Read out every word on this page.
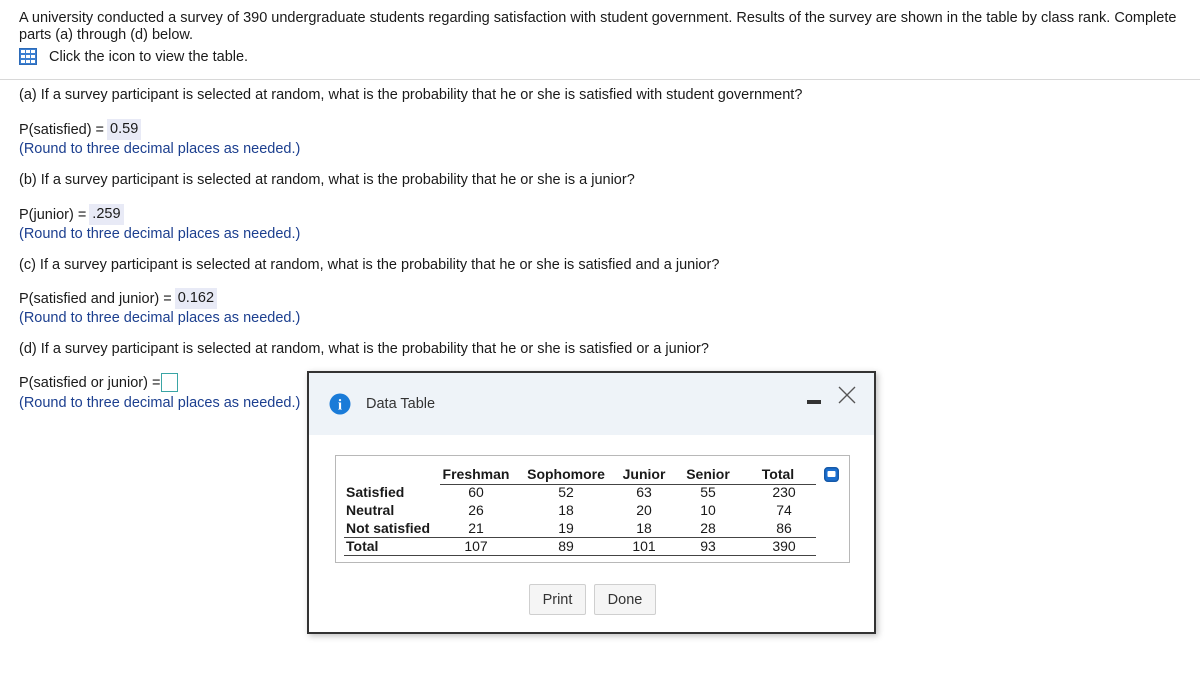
A university conducted a survey of 390 undergraduate students regarding satisfaction with student government. Results of the survey are shown in the table by class rank. Complete parts (a) through (d) below.
Click the icon to view the table.
(a) If a survey participant is selected at random, what is the probability that he or she is satisfied with student government?
P(satisfied) = 0.59
(Round to three decimal places as needed.)
(b) If a survey participant is selected at random, what is the probability that he or she is a junior?
P(junior) = .259
(Round to three decimal places as needed.)
(c) If a survey participant is selected at random, what is the probability that he or she is satisfied and a junior?
P(satisfied and junior) = 0.162
(Round to three decimal places as needed.)
(d) If a survey participant is selected at random, what is the probability that he or she is satisfied or a junior?
P(satisfied or junior) =
(Round to three decimal places as needed.)	i Data Table
Freshman	Sophomore	Junior	Senior	Total
Satisfied	60	52	63	55	230
Neutral	26	18	20	10	74
Not satisfied	21	19	18	28	86
Total	107	89	101	93	390
Print	Done
